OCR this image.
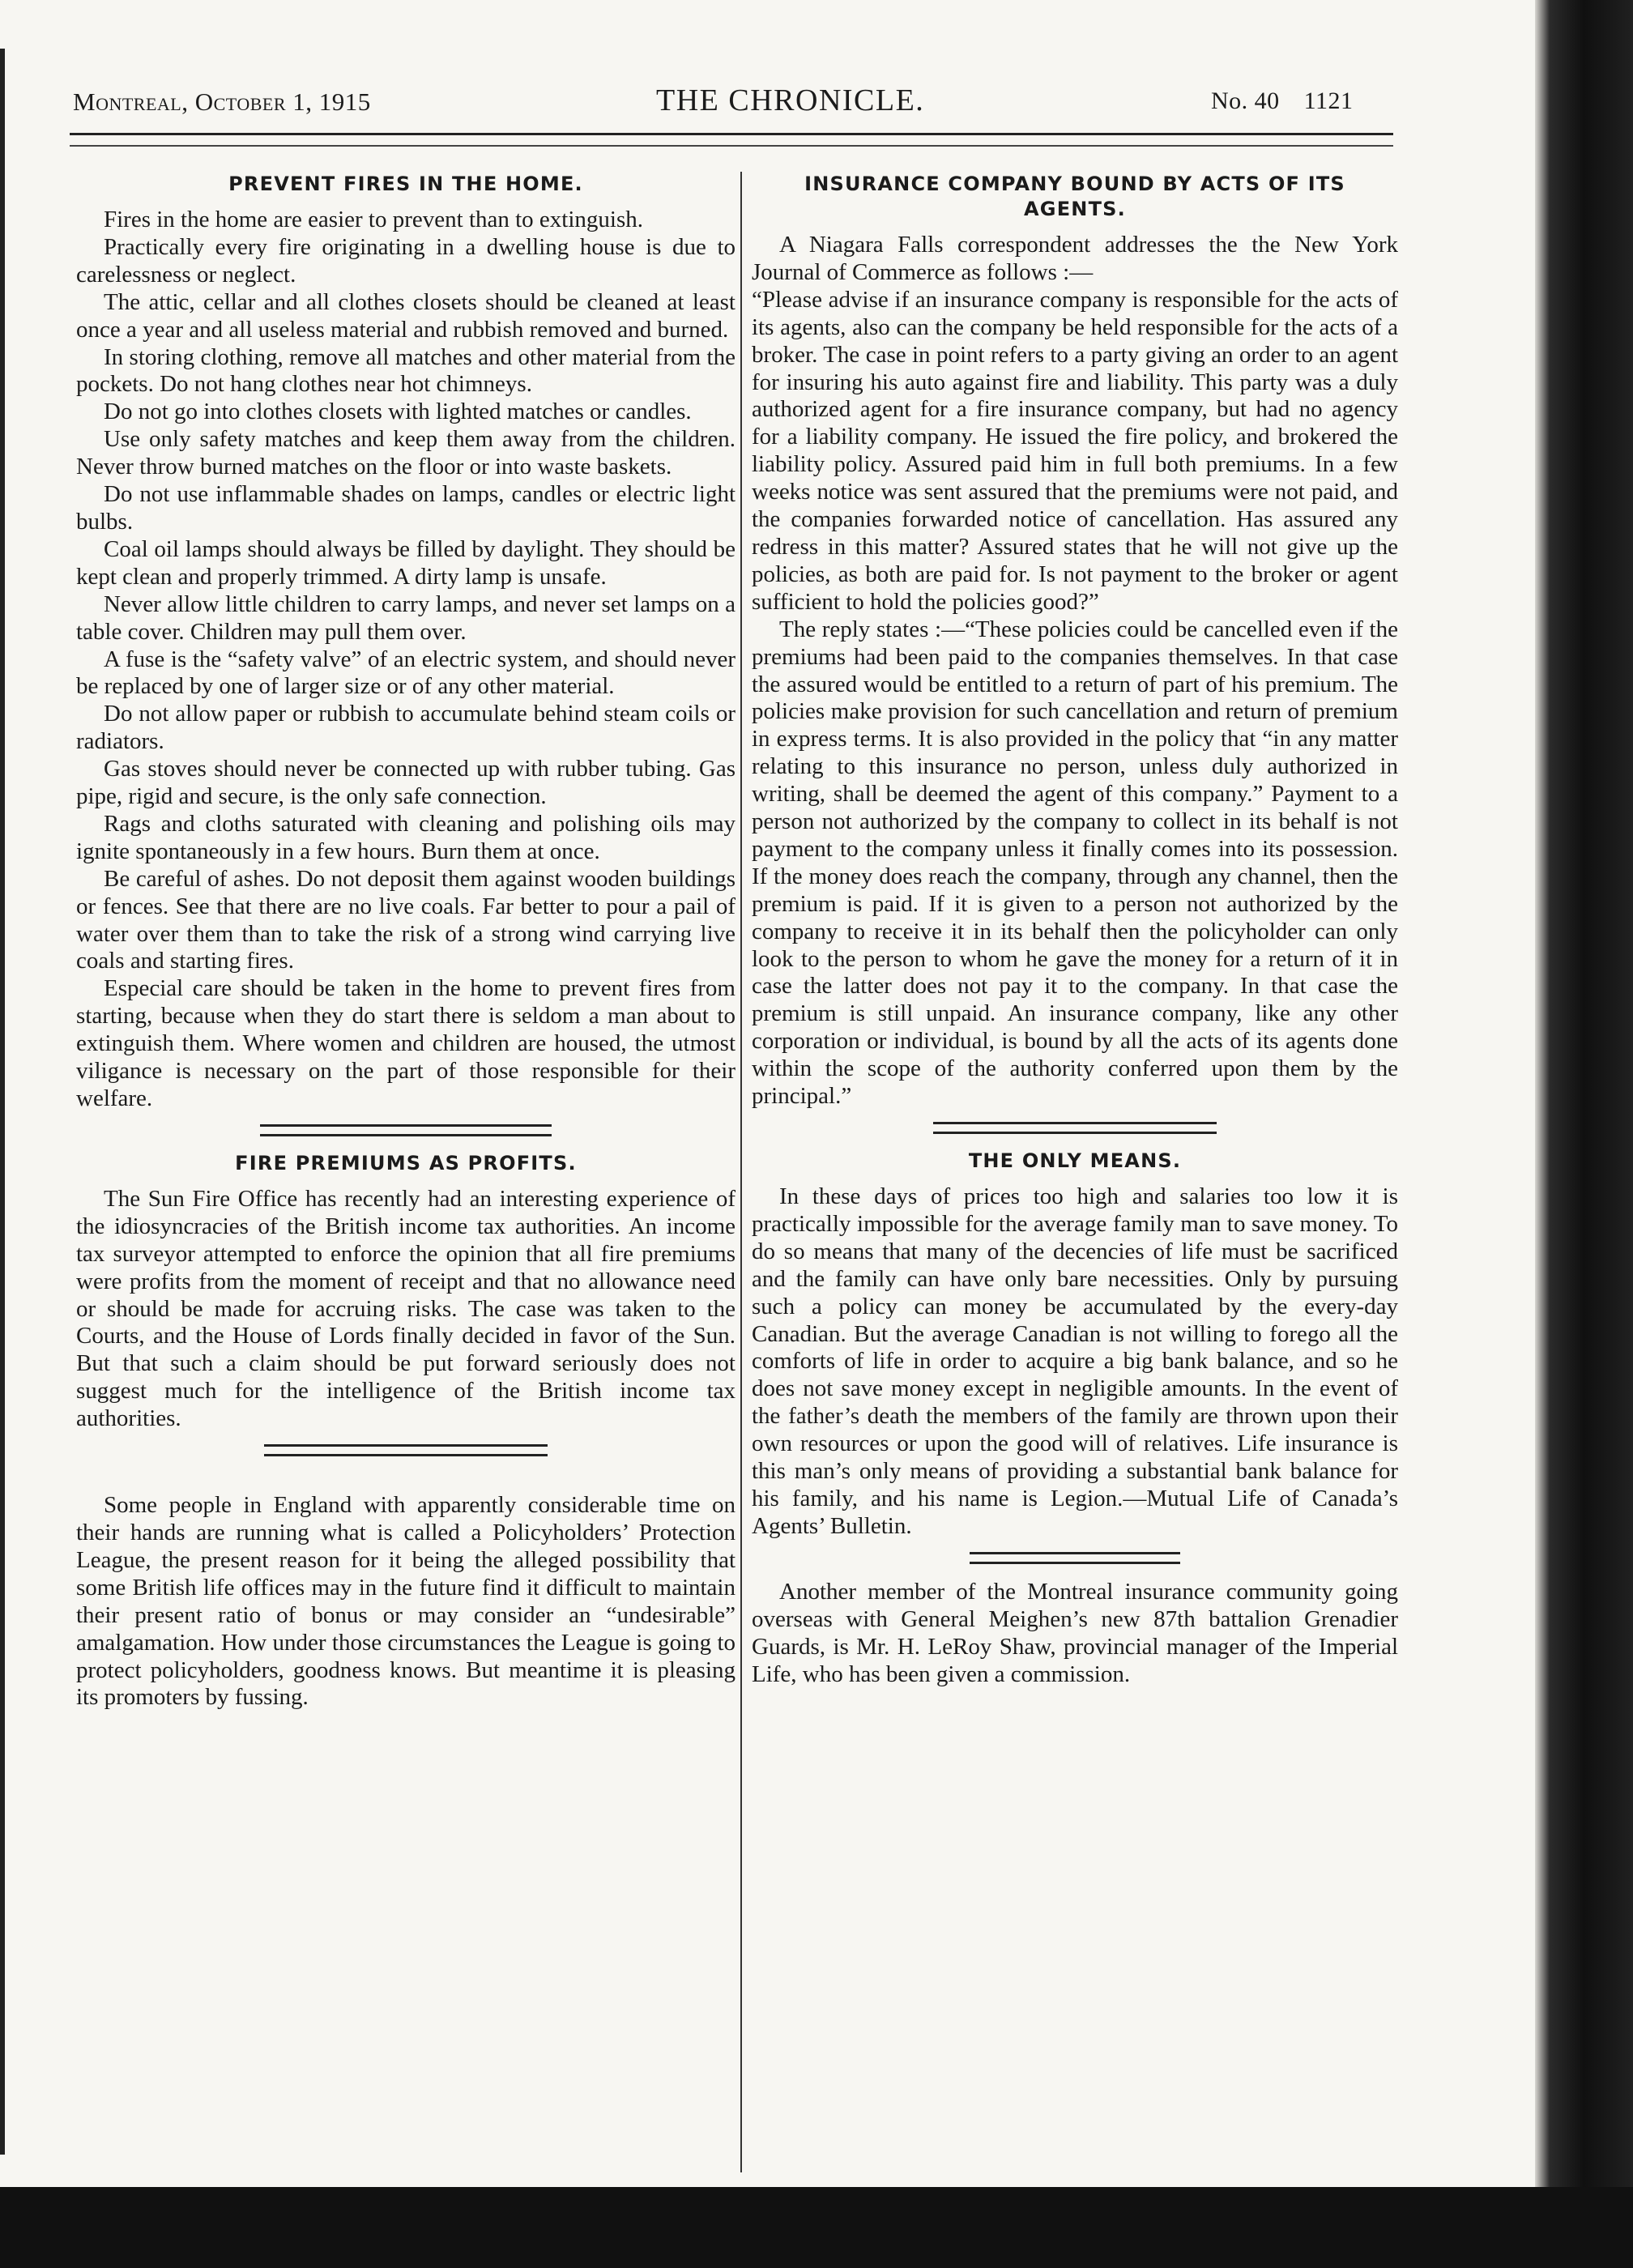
Montreal, October 1, 1915	THE CHRONICLE.	No. 40 1121
PREVENT FIRES IN THE HOME.

Fires in the home are easier to prevent than to extinguish.

Practically every fire originating in a dwelling house is due to carelessness or neglect.

The attic, cellar and all clothes closets should be cleaned at least once a year and all useless material and rubbish removed and burned.

In storing clothing, remove all matches and other material from the pockets. Do not hang clothes near hot chimneys.

Do not go into clothes closets with lighted matches or candles.

Use only safety matches and keep them away from the children. Never throw burned matches on the floor or into waste baskets.

Do not use inflammable shades on lamps, candles or electric light bulbs.

Coal oil lamps should always be filled by daylight. They should be kept clean and properly trimmed. A dirty lamp is unsafe.

Never allow little children to carry lamps, and never set lamps on a table cover. Children may pull them over.

A fuse is the “safety valve” of an electric system, and should never be replaced by one of larger size or of any other material.

Do not allow paper or rubbish to accumulate behind steam coils or radiators.

Gas stoves should never be connected up with rubber tubing. Gas pipe, rigid and secure, is the only safe connection.

Rags and cloths saturated with cleaning and polishing oils may ignite spontaneously in a few hours. Burn them at once.

Be careful of ashes. Do not deposit them against wooden buildings or fences. See that there are no live coals. Far better to pour a pail of water over them than to take the risk of a strong wind carrying live coals and starting fires.

Especial care should be taken in the home to prevent fires from starting, because when they do start there is seldom a man about to extinguish them. Where women and children are housed, the utmost viligance is necessary on the part of those responsible for their welfare.

FIRE PREMIUMS AS PROFITS.

The Sun Fire Office has recently had an interesting experience of the idiosyncracies of the British income tax authorities. An income tax surveyor attempted to enforce the opinion that all fire premiums were profits from the moment of receipt and that no allowance need or should be made for accruing risks. The case was taken to the Courts, and the House of Lords finally decided in favor of the Sun. But that such a claim should be put forward seriously does not suggest much for the intelligence of the British income tax authorities.

Some people in England with apparently considerable time on their hands are running what is called a Policyholders’ Protection League, the present reason for it being the alleged possibility that some British life offices may in the future find it difficult to maintain their present ratio of bonus or may consider an “undesirable” amalgamation. How under those circumstances the League is going to protect policyholders, goodness knows. But meantime it is pleasing its promoters by fussing.

INSURANCE COMPANY BOUND BY ACTS OF ITS AGENTS.

A Niagara Falls correspondent addresses the the New York Journal of Commerce as follows :—

“Please advise if an insurance company is responsible for the acts of its agents, also can the company be held responsible for the acts of a broker. The case in point refers to a party giving an order to an agent for insuring his auto against fire and liability. This party was a duly authorized agent for a fire insurance company, but had no agency for a liability company. He issued the fire policy, and brokered the liability policy. Assured paid him in full both premiums. In a few weeks notice was sent assured that the premiums were not paid, and the companies forwarded notice of cancellation. Has assured any redress in this matter? Assured states that he will not give up the policies, as both are paid for. Is not payment to the broker or agent sufficient to hold the policies good?”

The reply states :—“These policies could be cancelled even if the premiums had been paid to the companies themselves. In that case the assured would be entitled to a return of part of his premium. The policies make provision for such cancellation and return of premium in express terms. It is also provided in the policy that “in any matter relating to this insurance no person, unless duly authorized in writing, shall be deemed the agent of this company.” Payment to a person not authorized by the company to collect in its behalf is not payment to the company unless it finally comes into its possession. If the money does reach the company, through any channel, then the premium is paid. If it is given to a person not authorized by the company to receive it in its behalf then the policyholder can only look to the person to whom he gave the money for a return of it in case the latter does not pay it to the company. In that case the premium is still unpaid. An insurance company, like any other corporation or individual, is bound by all the acts of its agents done within the scope of the authority conferred upon them by the principal.”

THE ONLY MEANS.

In these days of prices too high and salaries too low it is practically impossible for the average family man to save money. To do so means that many of the decencies of life must be sacrificed and the family can have only bare necessities. Only by pursuing such a policy can money be accumulated by the every-day Canadian. But the average Canadian is not willing to forego all the comforts of life in order to acquire a big bank balance, and so he does not save money except in negligible amounts. In the event of the father’s death the members of the family are thrown upon their own resources or upon the good will of relatives. Life insurance is this man’s only means of providing a substantial bank balance for his family, and his name is Legion.—Mutual Life of Canada’s Agents’ Bulletin.

Another member of the Montreal insurance community going overseas with General Meighen’s new 87th battalion Grenadier Guards, is Mr. H. LeRoy Shaw, provincial manager of the Imperial Life, who has been given a commission.
